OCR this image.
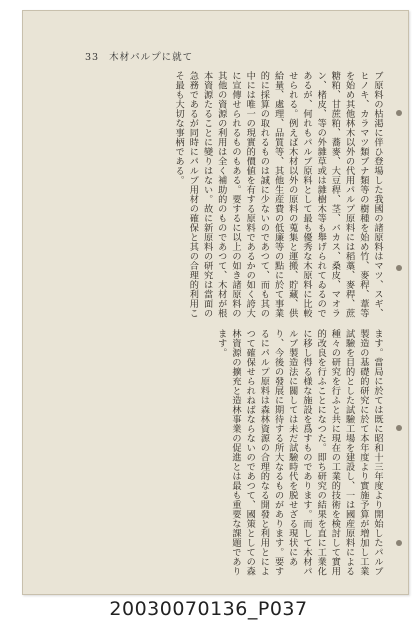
33 木材パルプに就て
ブ原料の枯渇に伴ひ登場した我國の諸原料はマツ、スギ、ヒノキ、カラマツ類ブナ類等の樹種を始め竹、麥稈、葦等を始め其他林木以外の代用パルプ原料には稻藁、麥稈、蔗糖粕、甘蔗粕、蕎麥、大豆稈、茎、バカス、桑皮、マオラン、楮皮、等の外雜草或は雜樹木等も舉げられてゐるのであるが、何れもパルプ原料として最も優秀な木原料に比較せられる。例えば木材以外の原料の蒐集と運搬、貯藏、供給量、處理、品質等、其他生産費の低廉等の點に於て事業的に採算の取れるものは誠に少ないのであつて、而も其の中には唯一の現實的價値を有する原料であるかの如く誇大に宣傳せられるものもある。要するに以上の如き諸原料の其他の資源の利用は全く補助的のものであつて、木材が根本資源たることに變りはない。故に新原料の研究は當面の急務であるが同時にパルプ用材の確保と其の合理的利用こそ最も大切な事柄である。
ます。當局に於ては既に昭和十三年度より開始したパルプ製造の基礎的研究に於て本年度より實施予算が増加し工業試驗を目的とした試驗工場を建設し、一は國産原料による種々の研究を行ふと共に現在の工業的技術を検討して實用的改良を行ふことになつた。即ち研究の結果を直に工業化に移し得る様な施設を爲すものであります。而して木材パルプ製造法に關しては未だ試驗時代を脱せざる現状にあり、今後の發展に期待する所大なるものがあります。要するにパルプ原料は森林資源の合理的なる開發と利用とによつて確保せられねばならないのであつて、國策としての森林資源の擴充と造林事業の促進とは最も重要な課題であります。
20030070136_P037
